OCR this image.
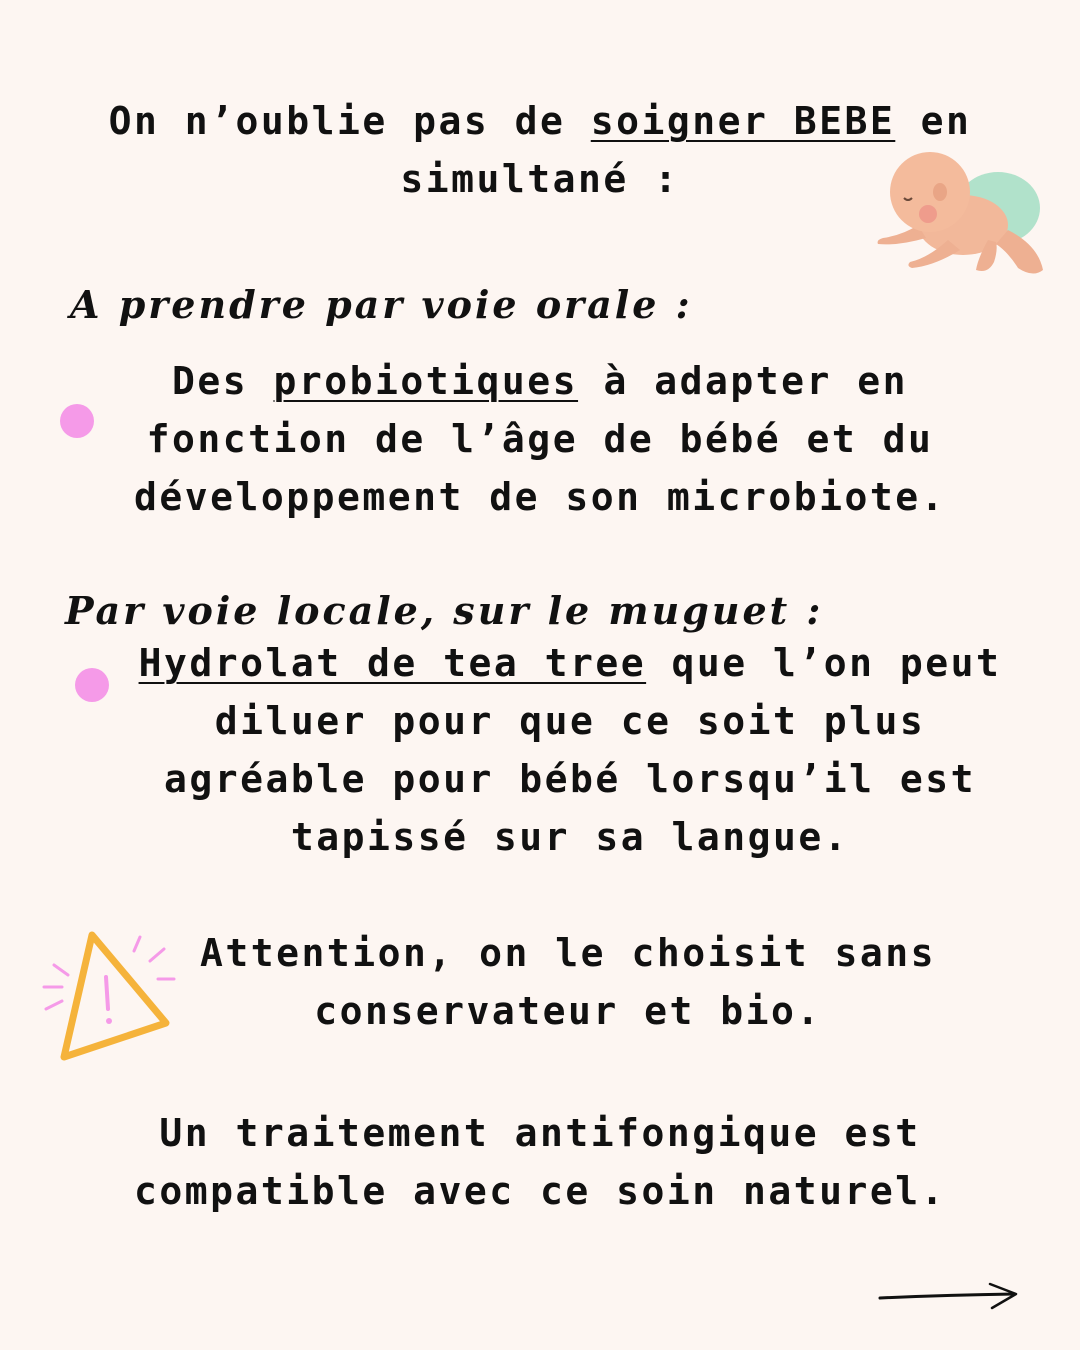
On n’oublie pas de soigner BEBE en
simultané :
A prendre par voie orale :
Des probiotiques à adapter en
fonction de l’âge de bébé et du
développement de son microbiote.
Par voie locale, sur le muguet :
Hydrolat de tea tree que l’on peut
diluer pour que ce soit plus
agréable pour bébé lorsqu’il est
tapissé sur sa langue.
Attention, on le choisit sans
conservateur et bio.
Un traitement antifongique est
compatible avec ce soin naturel.
